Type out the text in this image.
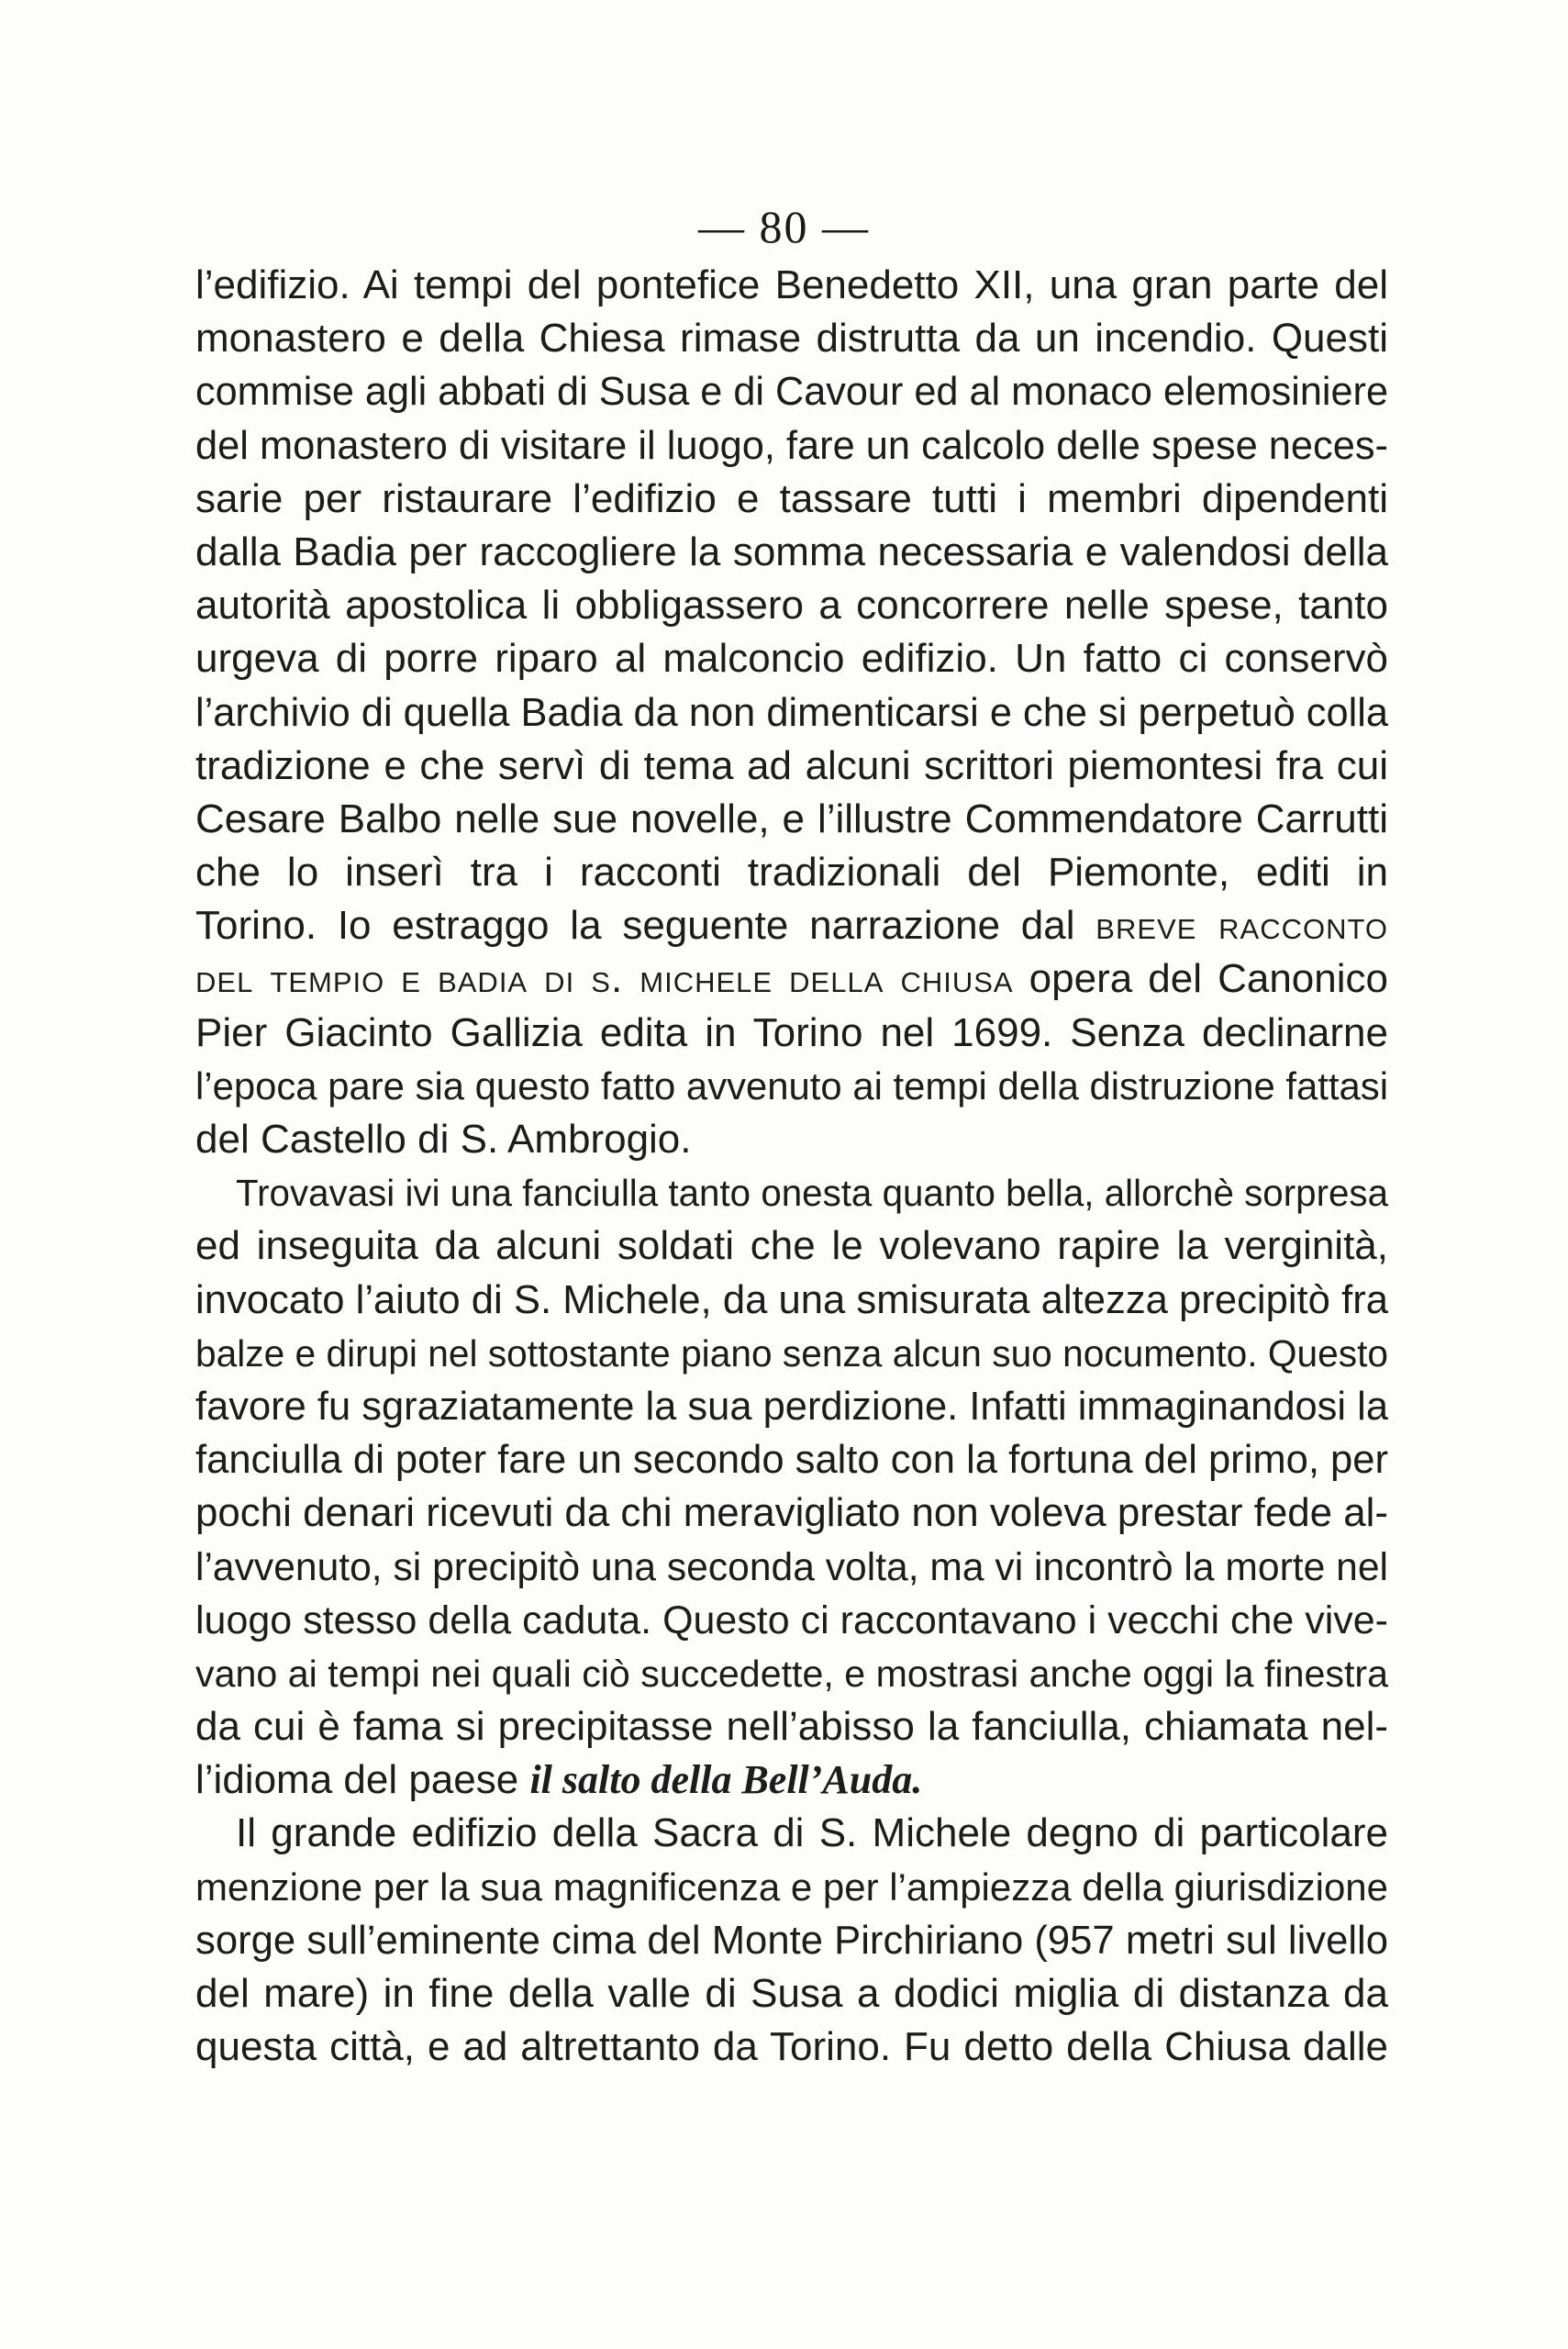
— 80 —
l’edifizio. Ai tempi del pontefice Benedetto XII, una gran parte del
monastero e della Chiesa rimase distrutta da un incendio. Questi
commise agli abbati di Susa e di Cavour ed al monaco elemosiniere
del monastero di visitare il luogo, fare un calcolo delle spese neces-
sarie per ristaurare l’edifizio e tassare tutti i membri dipendenti
dalla Badia per raccogliere la somma necessaria e valendosi della
autorità apostolica li obbligassero a concorrere nelle spese, tanto
urgeva di porre riparo al malconcio edifizio. Un fatto ci conservò
l’archivio di quella Badia da non dimenticarsi e che si perpetuò colla
tradizione e che servì di tema ad alcuni scrittori piemontesi fra cui
Cesare Balbo nelle sue novelle, e l’illustre Commendatore Carrutti
che lo inserì tra i racconti tradizionali del Piemonte, editi in
Torino. Io estraggo la seguente narrazione dal breve racconto
del tempio e badia di s. michele della chiusa opera del Canonico
Pier Giacinto Gallizia edita in Torino nel 1699. Senza declinarne
l’epoca pare sia questo fatto avvenuto ai tempi della distruzione fattasi
del Castello di S. Ambrogio.
Trovavasi ivi una fanciulla tanto onesta quanto bella, allorchè sorpresa
ed inseguita da alcuni soldati che le volevano rapire la verginità,
invocato l’aiuto di S. Michele, da una smisurata altezza precipitò fra
balze e dirupi nel sottostante piano senza alcun suo nocumento. Questo
favore fu sgraziatamente la sua perdizione. Infatti immaginandosi la
fanciulla di poter fare un secondo salto con la fortuna del primo, per
pochi denari ricevuti da chi meravigliato non voleva prestar fede al-
l’avvenuto, si precipitò una seconda volta, ma vi incontrò la morte nel
luogo stesso della caduta. Questo ci raccontavano i vecchi che vive-
vano ai tempi nei quali ciò succedette, e mostrasi anche oggi la finestra
da cui è fama si precipitasse nell’abisso la fanciulla, chiamata nel-
l’idioma del paese il salto della Bell’Auda.
Il grande edifizio della Sacra di S. Michele degno di particolare
menzione per la sua magnificenza e per l’ampiezza della giurisdizione
sorge sull’eminente cima del Monte Pirchiriano (957 metri sul livello
del mare) in fine della valle di Susa a dodici miglia di distanza da
questa città, e ad altrettanto da Torino. Fu detto della Chiusa dalle
